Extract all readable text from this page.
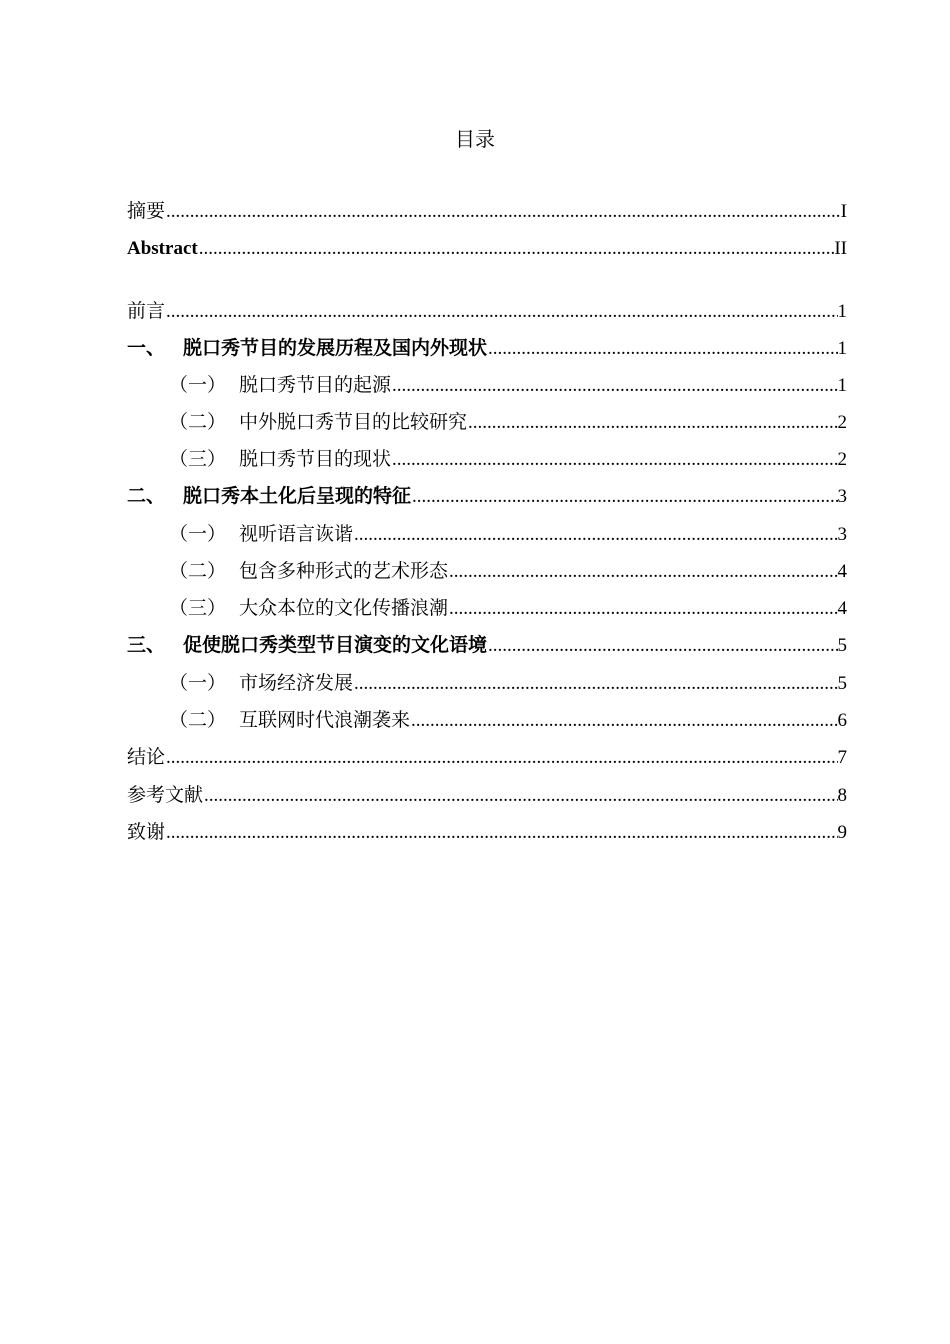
目录
摘要 .....	I
Abstract .....	II
前言 .....	1
一、 脱口秀节目的发展历程及国内外现状 .....	1
（一） 脱口秀节目的起源 .....	1
（二） 中外脱口秀节目的比较研究 .....	2
（三） 脱口秀节目的现状 .....	2
二、 脱口秀本土化后呈现的特征 .....	3
（一） 视听语言诙谐 .....	3
（二） 包含多种形式的艺术形态 .....	4
（三） 大众本位的文化传播浪潮 .....	4
三、 促使脱口秀类型节目演变的文化语境 .....	5
（一） 市场经济发展 .....	5
（二） 互联网时代浪潮袭来 .....	6
结论 .....	7
参考文献 .....	8
致谢 .....	9
